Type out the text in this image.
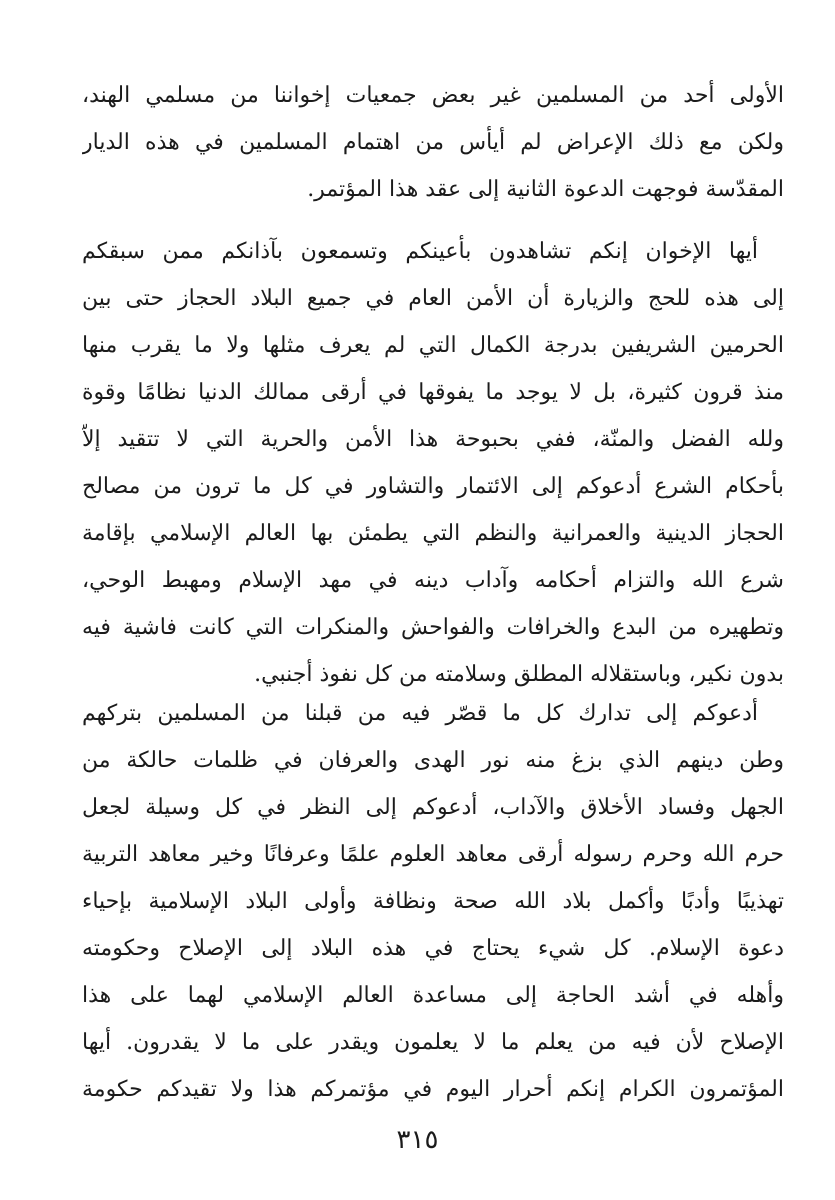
الأولى أحد من المسلمين غير بعض جمعيات إخواننا من مسلمي الهند،
ولكن مع ذلك الإعراض لم أيأس من اهتمام المسلمين في هذه الديار
المقدّسة فوجهت الدعوة الثانية إلى عقد هذا المؤتمر.
أيها الإخوان إنكم تشاهدون بأعينكم وتسمعون بآذانكم ممن سبقكم
إلى هذه للحج والزيارة أن الأمن العام في جميع البلاد الحجاز حتى بين
الحرمين الشريفين بدرجة الكمال التي لم يعرف مثلها ولا ما يقرب منها
منذ قرون كثيرة، بل لا يوجد ما يفوقها في أرقى ممالك الدنيا نظامًا وقوة
ولله الفضل والمنّة، ففي بحبوحة هذا الأمن والحرية التي لا تتقيد إلاّ
بأحكام الشرع أدعوكم إلى الائتمار والتشاور في كل ما ترون من مصالح
الحجاز الدينية والعمرانية والنظم التي يطمئن بها العالم الإسلامي بإقامة
شرع الله والتزام أحكامه وآداب دينه في مهد الإسلام ومهبط الوحي،
وتطهيره من البدع والخرافات والفواحش والمنكرات التي كانت فاشية فيه
بدون نكير، وباستقلاله المطلق وسلامته من كل نفوذ أجنبي.
أدعوكم إلى تدارك كل ما قصّر فيه من قبلنا من المسلمين بتركهم
وطن دينهم الذي بزغ منه نور الهدى والعرفان في ظلمات حالكة من
الجهل وفساد الأخلاق والآداب، أدعوكم إلى النظر في كل وسيلة لجعل
حرم الله وحرم رسوله أرقى معاهد العلوم علمًا وعرفانًا وخير معاهد التربية
تهذيبًا وأدبًا وأكمل بلاد الله صحة ونظافة وأولى البلاد الإسلامية بإحياء
دعوة الإسلام. كل شيء يحتاج في هذه البلاد إلى الإصلاح وحكومته
وأهله في أشد الحاجة إلى مساعدة العالم الإسلامي لهما على هذا
الإصلاح لأن فيه من يعلم ما لا يعلمون ويقدر على ما لا يقدرون. أيها
المؤتمرون الكرام إنكم أحرار اليوم في مؤتمركم هذا ولا تقيدكم حكومة
٣١٥
